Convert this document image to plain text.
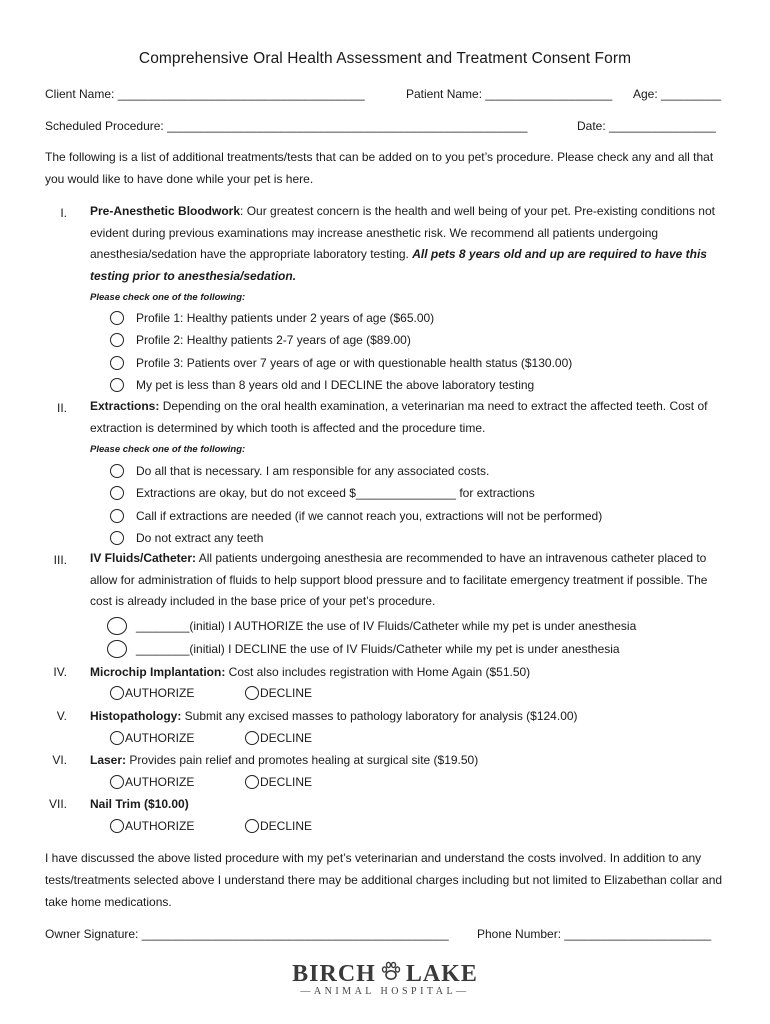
Comprehensive Oral Health Assessment and Treatment Consent Form
Client Name: _____________________________________	Patient Name: ___________________ Age: _________
Scheduled Procedure: ______________________________________________________	Date: ________________
The following is a list of additional treatments/tests that can be added on to you pet’s procedure. Please check any and all that you would like to have done while your pet is here.
I. Pre-Anesthetic Bloodwork: Our greatest concern is the health and well being of your pet. Pre-existing conditions not evident during previous examinations may increase anesthetic risk. We recommend all patients undergoing anesthesia/sedation have the appropriate laboratory testing. All pets 8 years old and up are required to have this testing prior to anesthesia/sedation.
Please check one of the following:
Profile 1: Healthy patients under 2 years of age ($65.00)
Profile 2: Healthy patients 2-7 years of age ($89.00)
Profile 3: Patients over 7 years of age or with questionable health status ($130.00)
My pet is less than 8 years old and I DECLINE the above laboratory testing
II. Extractions: Depending on the oral health examination, a veterinarian ma need to extract the affected teeth. Cost of extraction is determined by which tooth is affected and the procedure time.
Please check one of the following:
Do all that is necessary. I am responsible for any associated costs.
Extractions are okay, but do not exceed $_______________ for extractions
Call if extractions are needed (if we cannot reach you, extractions will not be performed)
Do not extract any teeth
III. IV Fluids/Catheter: All patients undergoing anesthesia are recommended to have an intravenous catheter placed to allow for administration of fluids to help support blood pressure and to facilitate emergency treatment if possible. The cost is already included in the base price of your pet’s procedure.
________(initial) I AUTHORIZE the use of IV Fluids/Catheter while my pet is under anesthesia
________(initial) I DECLINE the use of IV Fluids/Catheter while my pet is under anesthesia
IV. Microchip Implantation: Cost also includes registration with Home Again ($51.50)
AUTHORIZE	DECLINE
V. Histopathology: Submit any excised masses to pathology laboratory for analysis ($124.00)
AUTHORIZE	DECLINE
VI. Laser: Provides pain relief and promotes healing at surgical site ($19.50)
AUTHORIZE	DECLINE
VII. Nail Trim ($10.00)
AUTHORIZE	DECLINE
I have discussed the above listed procedure with my pet’s veterinarian and understand the costs involved. In addition to any tests/treatments selected above I understand there may be additional charges including but not limited to Elizabethan collar and take home medications.
Owner Signature: ______________________________________________ Phone Number: ______________________
BIRCH LAKE
—ANIMAL HOSPITAL—
